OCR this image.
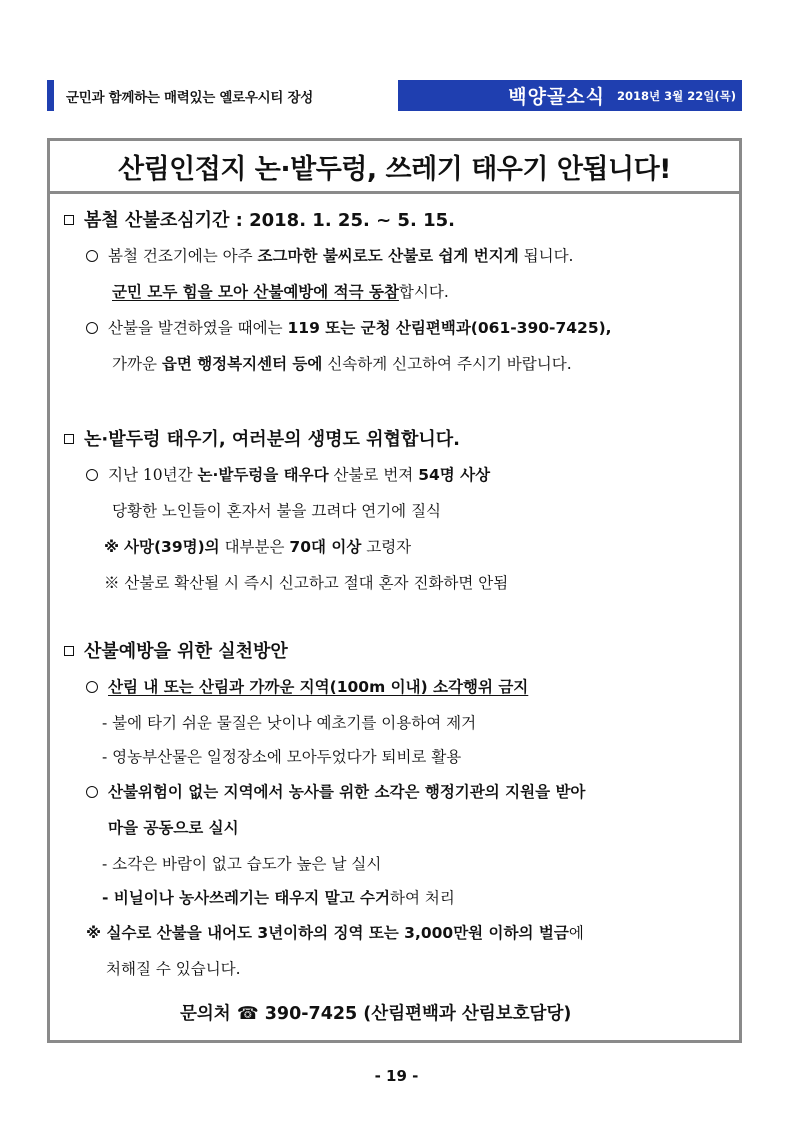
군민과 함께하는 매력있는 옐로우시티 장성	백양골소식 2018년 3월 22일(목)
산림인접지 논·밭두렁, 쓰레기 태우기 안됩니다!
봄철 산불조심기간 : 2018. 1. 25. ~ 5. 15.
봄철 건조기에는 아주 조그마한 불씨로도 산불로 쉽게 번지게 됩니다.
군민 모두 힘을 모아 산불예방에 적극 동참합시다.
산불을 발견하였을 때에는 119 또는 군청 산림편백과(061-390-7425),
가까운 읍면 행정복지센터 등에 신속하게 신고하여 주시기 바랍니다.
논·밭두렁 태우기, 여러분의 생명도 위협합니다.
지난 10년간 논·밭두렁을 태우다 산불로 번져 54명 사상
당황한 노인들이 혼자서 불을 끄려다 연기에 질식
※ 사망(39명)의 대부분은 70대 이상 고령자
※ 산불로 확산될 시 즉시 신고하고 절대 혼자 진화하면 안됨
산불예방을 위한 실천방안
산림 내 또는 산림과 가까운 지역(100m 이내) 소각행위 금지
- 불에 타기 쉬운 물질은 낫이나 예초기를 이용하여 제거
- 영농부산물은 일정장소에 모아두었다가 퇴비로 활용
산불위험이 없는 지역에서 농사를 위한 소각은 행정기관의 지원을 받아
마을 공동으로 실시
- 소각은 바람이 없고 습도가 높은 날 실시
- 비닐이나 농사쓰레기는 태우지 말고 수거하여 처리
※ 실수로 산불을 내어도 3년이하의 징역 또는 3,000만원 이하의 벌금에
처해질 수 있습니다.
문의처 ☎ 390-7425 (산림편백과 산림보호담당)
- 19 -
